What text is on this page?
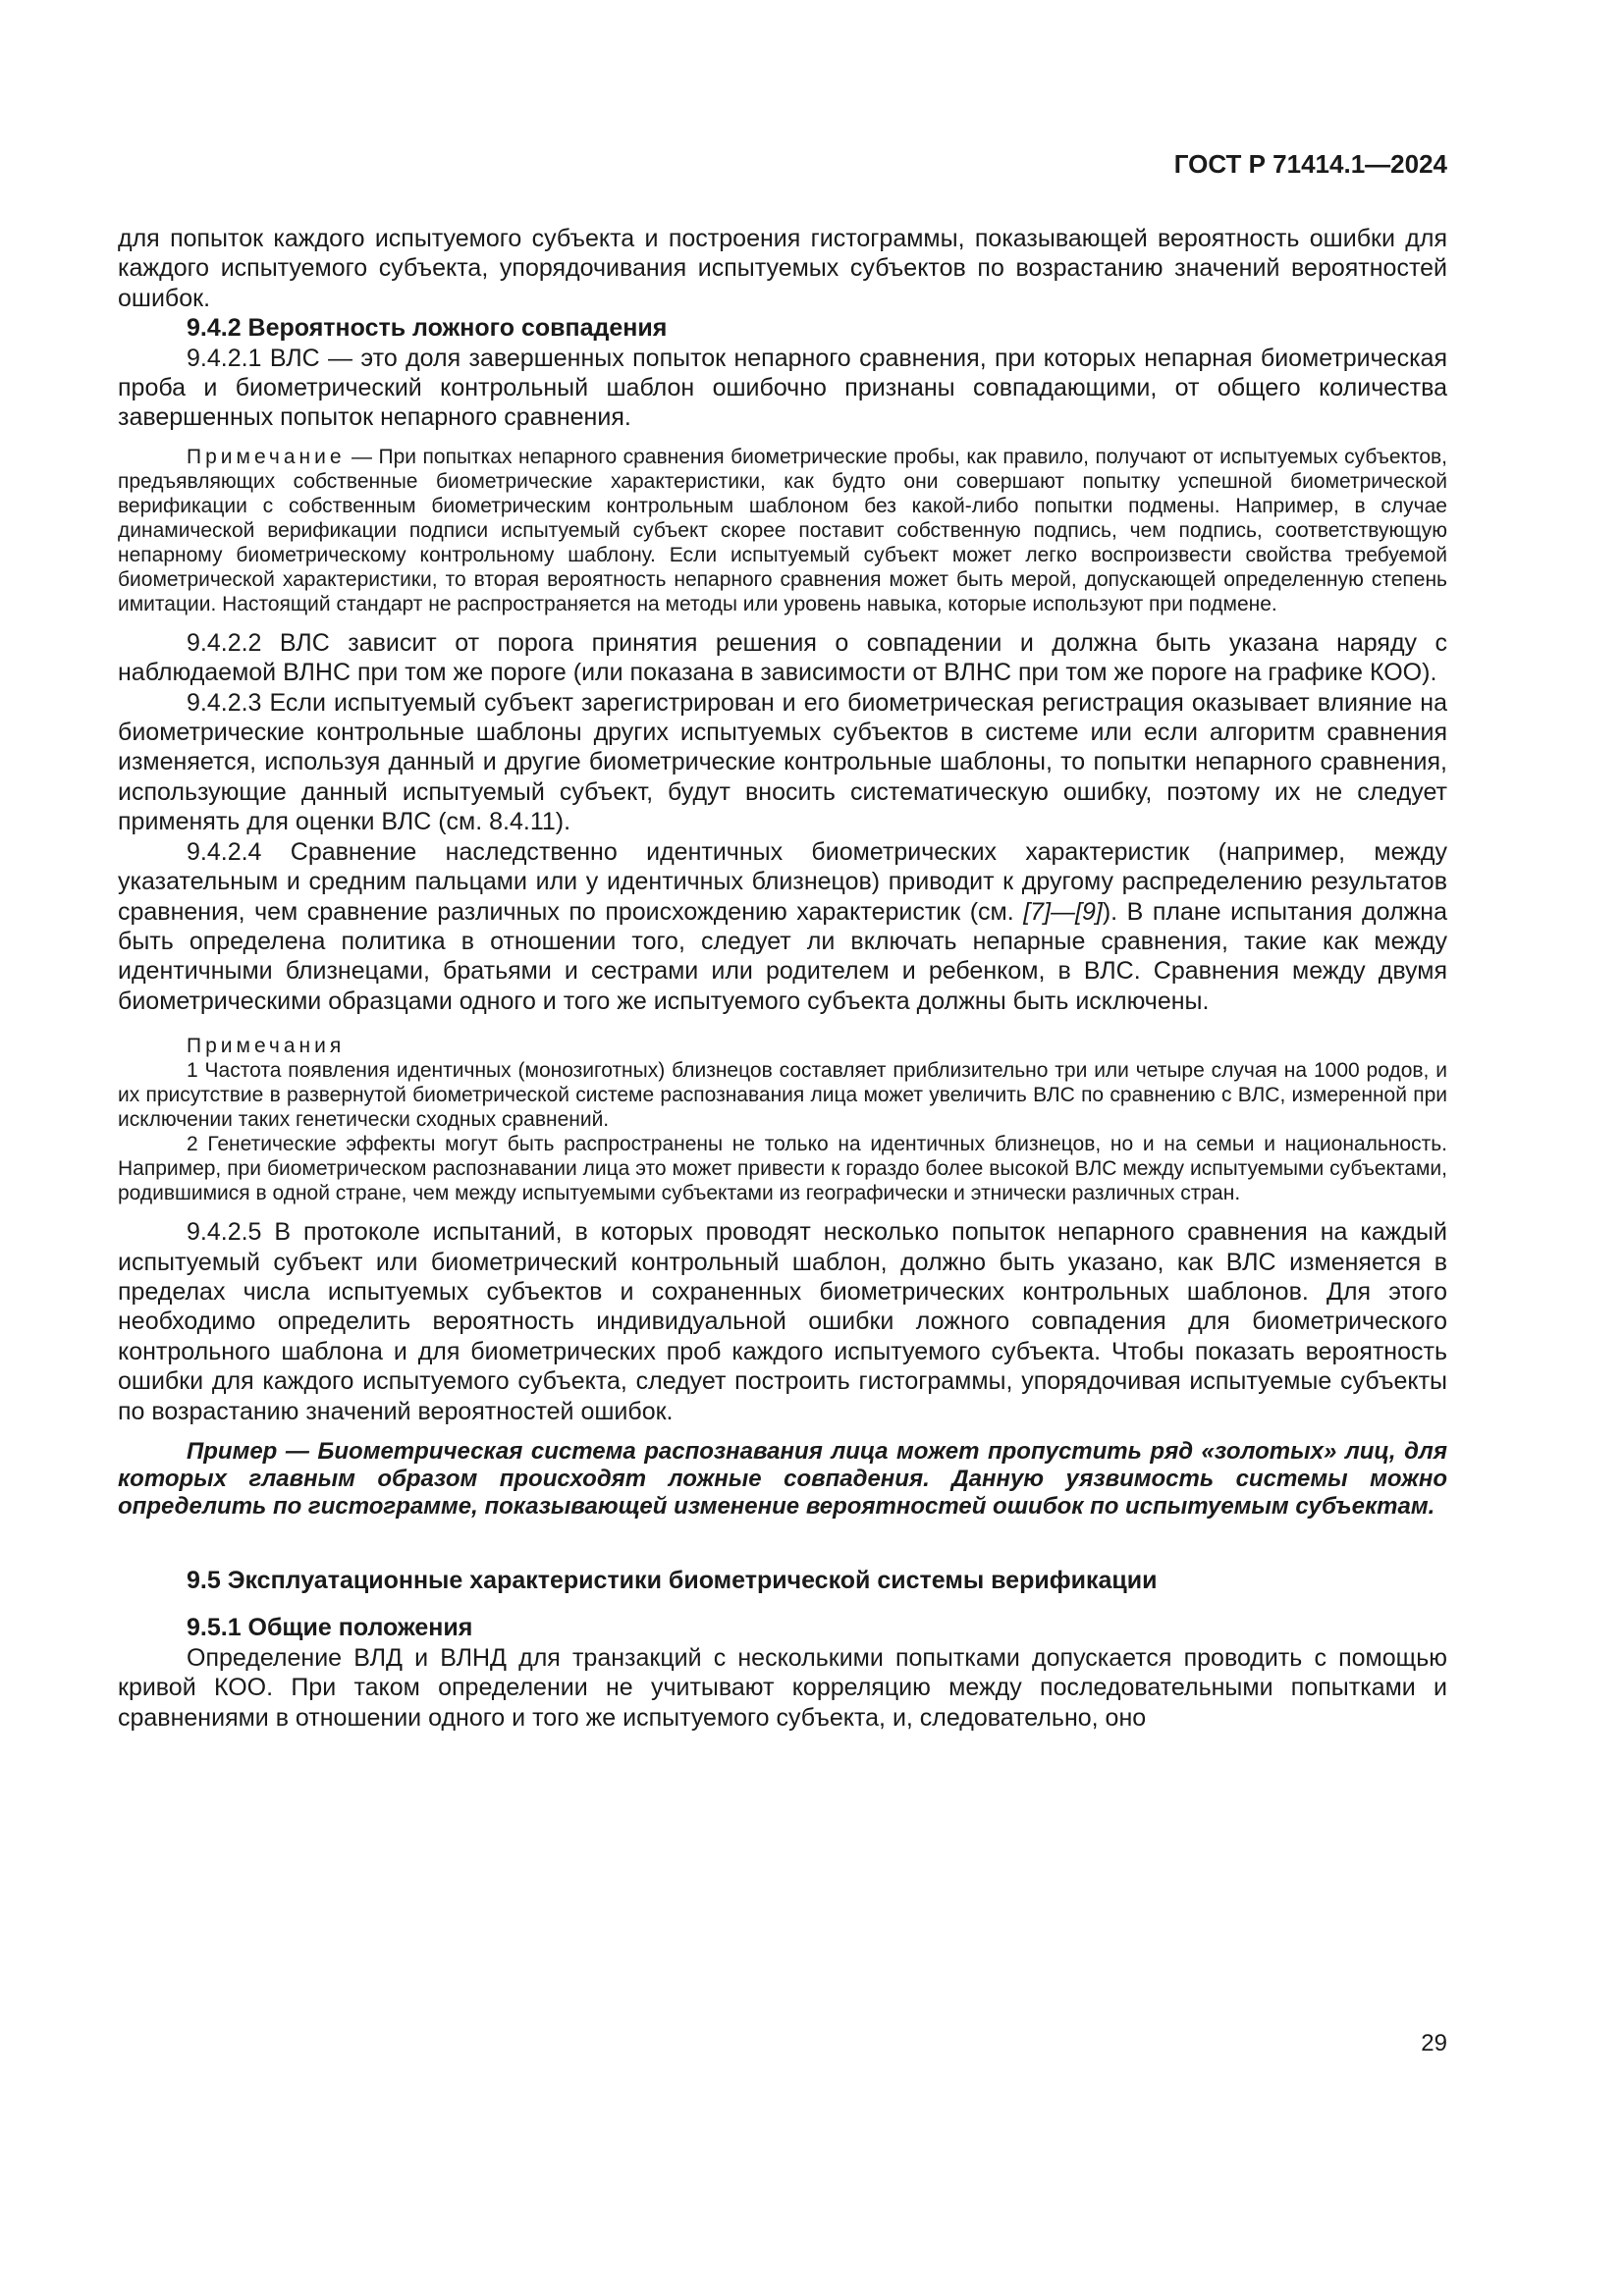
ГОСТ Р 71414.1—2024

для попыток каждого испытуемого субъекта и построения гистограммы, показывающей вероятность ошибки для каждого испытуемого субъекта, упорядочивания испытуемых субъектов по возрастанию значений вероятностей ошибок.

9.4.2 Вероятность ложного совпадения

9.4.2.1 ВЛС — это доля завершенных попыток непарного сравнения, при которых непарная биометрическая проба и биометрический контрольный шаблон ошибочно признаны совпадающими, от общего количества завершенных попыток непарного сравнения.

Примечание — При попытках непарного сравнения биометрические пробы, как правило, получают от испытуемых субъектов, предъявляющих собственные биометрические характеристики, как будто они совершают попытку успешной биометрической верификации с собственным биометрическим контрольным шаблоном без какой-либо попытки подмены. Например, в случае динамической верификации подписи испытуемый субъект скорее поставит собственную подпись, чем подпись, соответствующую непарному биометрическому контрольному шаблону. Если испытуемый субъект может легко воспроизвести свойства требуемой биометрической характеристики, то вторая вероятность непарного сравнения может быть мерой, допускающей определенную степень имитации. Настоящий стандарт не распространяется на методы или уровень навыка, которые используют при подмене.

9.4.2.2 ВЛС зависит от порога принятия решения о совпадении и должна быть указана наряду с наблюдаемой ВЛНС при том же пороге (или показана в зависимости от ВЛНС при том же пороге на графике КОО).

9.4.2.3 Если испытуемый субъект зарегистрирован и его биометрическая регистрация оказывает влияние на биометрические контрольные шаблоны других испытуемых субъектов в системе или если алгоритм сравнения изменяется, используя данный и другие биометрические контрольные шаблоны, то попытки непарного сравнения, использующие данный испытуемый субъект, будут вносить систематическую ошибку, поэтому их не следует применять для оценки ВЛС (см. 8.4.11).

9.4.2.4 Сравнение наследственно идентичных биометрических характеристик (например, между указательным и средним пальцами или у идентичных близнецов) приводит к другому распределению результатов сравнения, чем сравнение различных по происхождению характеристик (см. [7]—[9]). В плане испытания должна быть определена политика в отношении того, следует ли включать непарные сравнения, такие как между идентичными близнецами, братьями и сестрами или родителем и ребенком, в ВЛС. Сравнения между двумя биометрическими образцами одного и того же испытуемого субъекта должны быть исключены.

Примечания

1 Частота появления идентичных (монозиготных) близнецов составляет приблизительно три или четыре случая на 1000 родов, и их присутствие в развернутой биометрической системе распознавания лица может увеличить ВЛС по сравнению с ВЛС, измеренной при исключении таких генетически сходных сравнений.

2 Генетические эффекты могут быть распространены не только на идентичных близнецов, но и на семьи и национальность. Например, при биометрическом распознавании лица это может привести к гораздо более высокой ВЛС между испытуемыми субъектами, родившимися в одной стране, чем между испытуемыми субъектами из географически и этнически различных стран.

9.4.2.5 В протоколе испытаний, в которых проводят несколько попыток непарного сравнения на каждый испытуемый субъект или биометрический контрольный шаблон, должно быть указано, как ВЛС изменяется в пределах числа испытуемых субъектов и сохраненных биометрических контрольных шаблонов. Для этого необходимо определить вероятность индивидуальной ошибки ложного совпадения для биометрического контрольного шаблона и для биометрических проб каждого испытуемого субъекта. Чтобы показать вероятность ошибки для каждого испытуемого субъекта, следует построить гистограммы, упорядочивая испытуемые субъекты по возрастанию значений вероятностей ошибок.

Пример — Биометрическая система распознавания лица может пропустить ряд «золотых» лиц, для которых главным образом происходят ложные совпадения. Данную уязвимость системы можно определить по гистограмме, показывающей изменение вероятностей ошибок по испытуемым субъектам.

9.5 Эксплуатационные характеристики биометрической системы верификации

9.5.1 Общие положения

Определение ВЛД и ВЛНД для транзакций с несколькими попытками допускается проводить с помощью кривой КОО. При таком определении не учитывают корреляцию между последовательными попытками и сравнениями в отношении одного и того же испытуемого субъекта, и, следовательно, оно

29
